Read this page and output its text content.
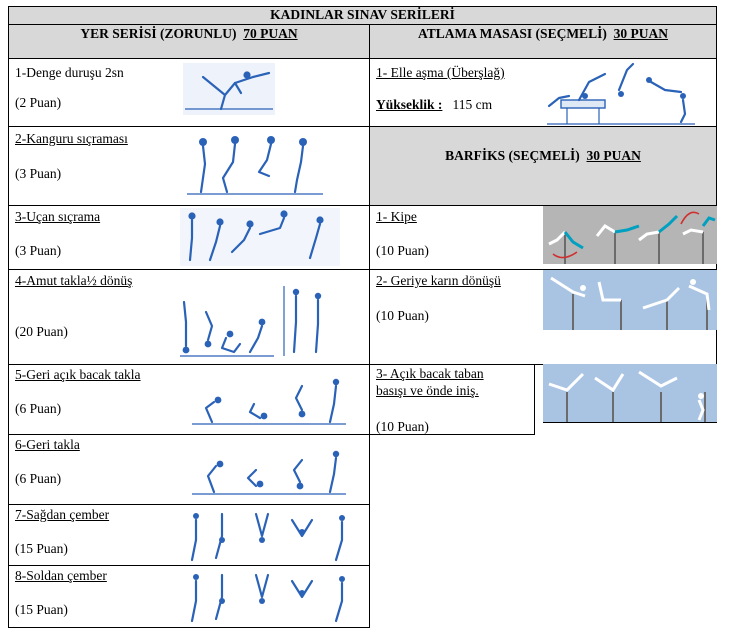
KADINLAR SINAV SERİLERİ
YER SERİSİ (ZORUNLU) 70 PUAN	ATLAMA MASASI (SEÇMELİ) 30 PUAN
1-Denge duruşu 2sn
(2 Puan)
2-Kanguru sıçraması
(3 Puan)
3-Uçan sıçrama
(3 Puan)
4-Amut takla½ dönüş
(20 Puan)
5-Geri açık bacak takla
(6 Puan)
6-Geri takla
(6 Puan)
7-Sağdan çember
(15 Puan)
8-Soldan çember
(15 Puan)
1- Elle aşma (Überşlağ)
Yükseklik : 115 cm
BARFİKS (SEÇMELİ) 30 PUAN
1- Kipe
(10 Puan)
2- Geriye karın dönüşü
(10 Puan)
3- Açık bacak taban
basışı ve önde iniş.
(10 Puan)
